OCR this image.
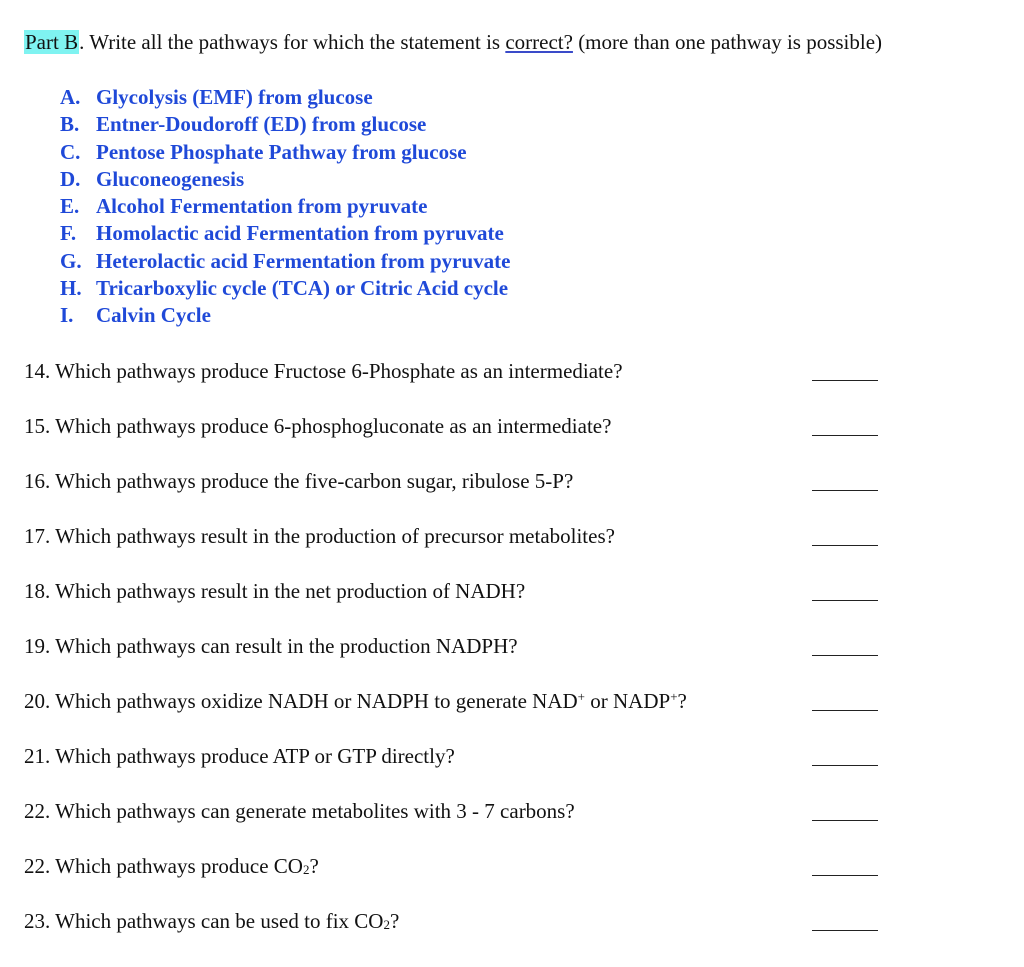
Part B. Write all the pathways for which the statement is correct? (more than one pathway is possible)
A. Glycolysis (EMF) from glucose
B. Entner-Doudoroff (ED) from glucose
C. Pentose Phosphate Pathway from glucose
D. Gluconeogenesis
E. Alcohol Fermentation from pyruvate
F. Homolactic acid Fermentation from pyruvate
G. Heterolactic acid Fermentation from pyruvate
H. Tricarboxylic cycle (TCA) or Citric Acid cycle
I.	Calvin Cycle
14. Which pathways produce Fructose 6-Phosphate as an intermediate?
15. Which pathways produce 6-phosphogluconate as an intermediate?
16. Which pathways produce the five-carbon sugar, ribulose 5-P?
17. Which pathways result in the production of precursor metabolites?
18. Which pathways result in the net production of NADH?
19. Which pathways can result in the production NADPH?
20. Which pathways oxidize NADH or NADPH to generate NAD+ or NADP+?
21. Which pathways produce ATP or GTP directly?
22. Which pathways can generate metabolites with 3 - 7 carbons?
22. Which pathways produce $CO_2$?
23. Which pathways can be used to fix $CO_2$?
